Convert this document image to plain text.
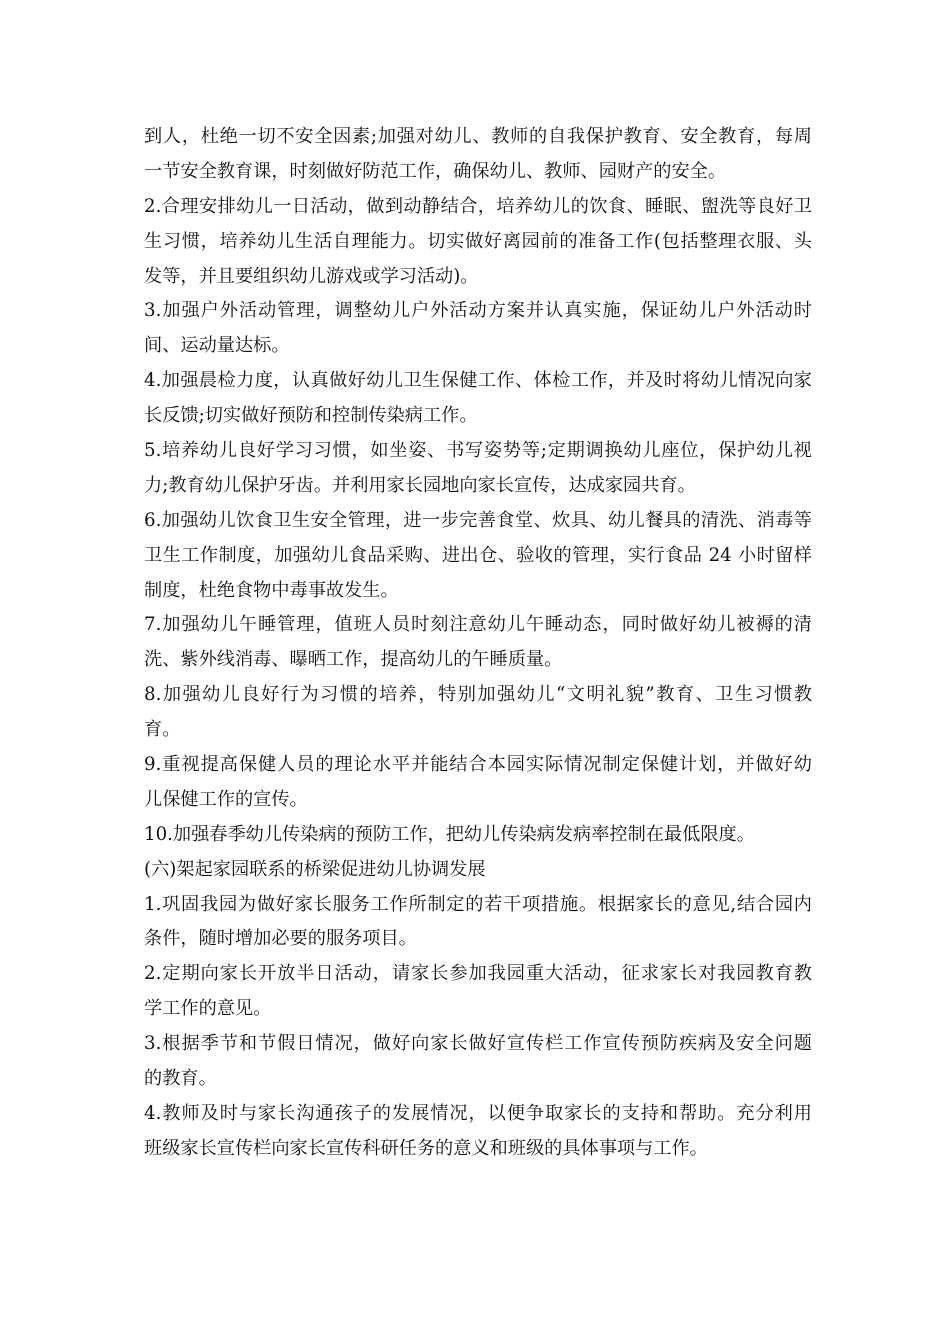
到人，杜绝一切不安全因素;加强对幼儿、教师的自我保护教育、安全教育，每周
一节安全教育课，时刻做好防范工作，确保幼儿、教师、园财产的安全。
2.合理安排幼儿一日活动，做到动静结合，培养幼儿的饮食、睡眠、盥洗等良好卫
生习惯，培养幼儿生活自理能力。切实做好离园前的准备工作(包括整理衣服、头
发等，并且要组织幼儿游戏或学习活动)。
3.加强户外活动管理，调整幼儿户外活动方案并认真实施，保证幼儿户外活动时
间、运动量达标。
4.加强晨检力度，认真做好幼儿卫生保健工作、体检工作，并及时将幼儿情况向家
长反馈;切实做好预防和控制传染病工作。
5.培养幼儿良好学习习惯，如坐姿、书写姿势等;定期调换幼儿座位，保护幼儿视
力;教育幼儿保护牙齿。并利用家长园地向家长宣传，达成家园共育。
6.加强幼儿饮食卫生安全管理，进一步完善食堂、炊具、幼儿餐具的清洗、消毒等
卫生工作制度，加强幼儿食品采购、进出仓、验收的管理，实行食品 24 小时留样
制度，杜绝食物中毒事故发生。
7.加强幼儿午睡管理，值班人员时刻注意幼儿午睡动态，同时做好幼儿被褥的清
洗、紫外线消毒、曝晒工作，提高幼儿的午睡质量。
8.加强幼儿良好行为习惯的培养，特别加强幼儿“文明礼貌”教育、卫生习惯教
育。
9.重视提高保健人员的理论水平并能结合本园实际情况制定保健计划，并做好幼
儿保健工作的宣传。
10.加强春季幼儿传染病的预防工作，把幼儿传染病发病率控制在最低限度。
(六)架起家园联系的桥梁促进幼儿协调发展
1.巩固我园为做好家长服务工作所制定的若干项措施。根据家长的意见,结合园内
条件，随时增加必要的服务项目。
2.定期向家长开放半日活动，请家长参加我园重大活动，征求家长对我园教育教
学工作的意见。
3.根据季节和节假日情况，做好向家长做好宣传栏工作宣传预防疾病及安全问题
的教育。
4.教师及时与家长沟通孩子的发展情况，以便争取家长的支持和帮助。充分利用
班级家长宣传栏向家长宣传科研任务的意义和班级的具体事项与工作。
